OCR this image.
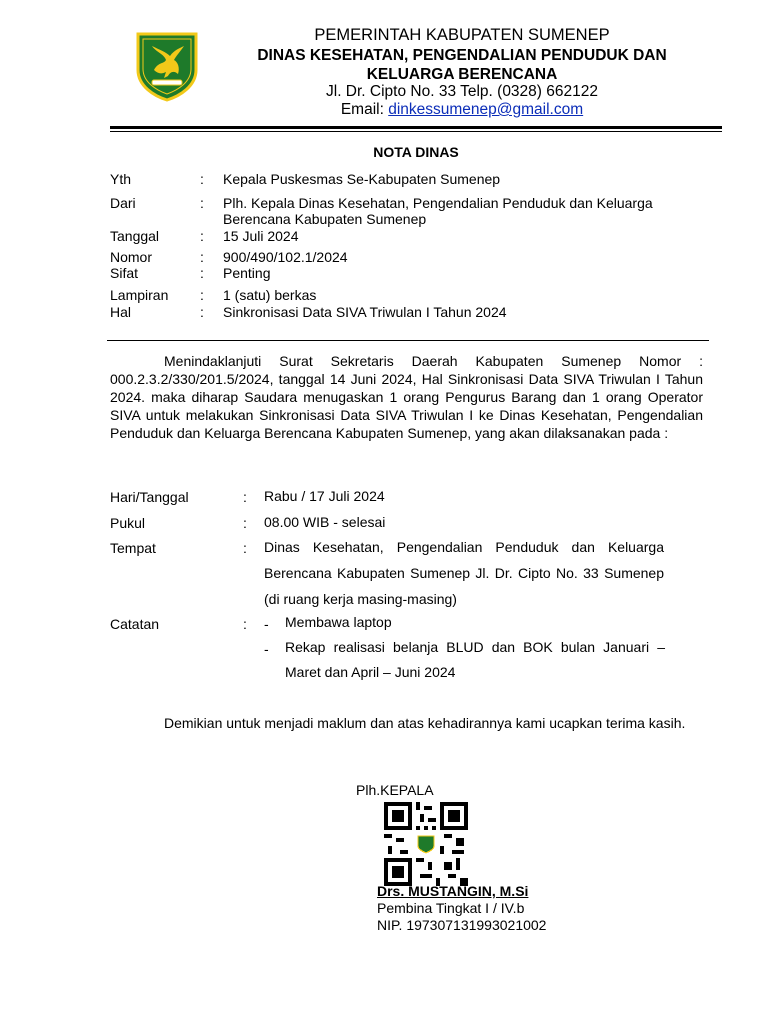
PEMERINTAH KABUPATEN SUMENEP
DINAS KESEHATAN, PENGENDALIAN PENDUDUK DAN
KELUARGA BERENCANA
Jl. Dr. Cipto No. 33 Telp. (0328) 662122
Email: dinkessumenep@gmail.com
NOTA DINAS
Yth	: Kepala Puskesmas Se-Kabupaten Sumenep
Dari	: Plh. Kepala Dinas Kesehatan, Pengendalian Penduduk dan Keluarga
Berencana Kabupaten Sumenep
Tanggal	: 15 Juli 2024
Nomor	: 900/490/102.1/2024
Sifat	: Penting
Lampiran : 1 (satu) berkas
Hal	: Sinkronisasi Data SIVA Triwulan I Tahun 2024
Menindaklanjuti Surat Sekretaris Daerah Kabupaten Sumenep Nomor : 000.2.3.2/330/201.5/2024, tanggal 14 Juni 2024, Hal Sinkronisasi Data SIVA Triwulan I Tahun 2024. maka diharap Saudara menugaskan 1 orang Pengurus Barang dan 1 orang Operator SIVA untuk melakukan Sinkronisasi Data SIVA Triwulan I ke Dinas Kesehatan, Pengendalian Penduduk dan Keluarga Berencana Kabupaten Sumenep, yang akan dilaksanakan pada :
Hari/Tanggal	: Rabu / 17 Juli 2024
Pukul	: 08.00 WIB - selesai
Tempat	: Dinas Kesehatan, Pengendalian Penduduk dan Keluarga Berencana Kabupaten Sumenep Jl. Dr. Cipto No. 33 Sumenep (di ruang kerja masing-masing)
Catatan	: - Membawa laptop
- Rekap realisasi belanja BLUD dan BOK bulan Januari – Maret dan April – Juni 2024
Demikian untuk menjadi maklum dan atas kehadirannya kami ucapkan terima kasih.
Plh.KEPALA
Drs. MUSTANGIN, M.Si
Pembina Tingkat I / IV.b
NIP. 197307131993021002
